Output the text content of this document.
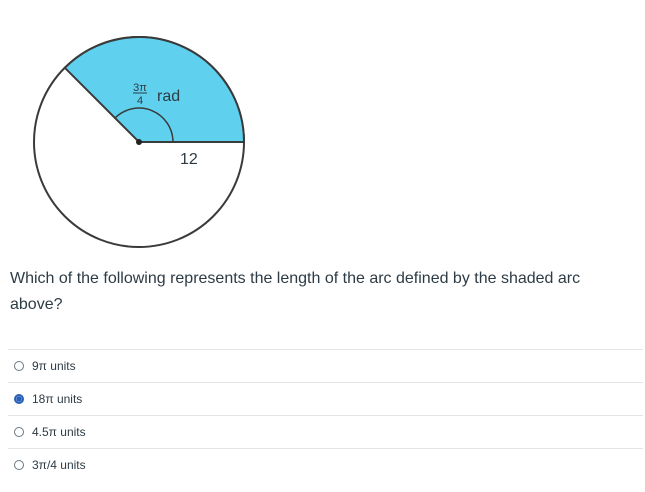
3π
4 rad
12
Which of the following represents the length of the arc defined by the shaded arc above?
9π units
18π units
4.5π units
3π/4 units
